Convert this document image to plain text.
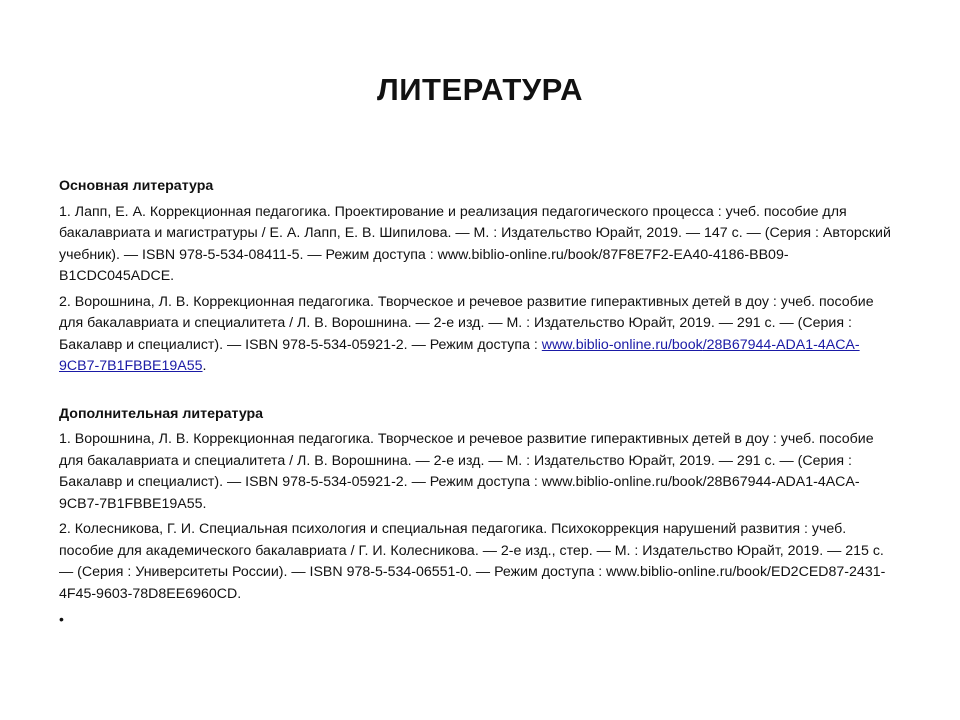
ЛИТЕРАТУРА

Основная литература

1. Лапп, Е. А. Коррекционная педагогика. Проектирование и реализация педагогического процесса : учеб. пособие для бакалавриата и магистратуры / Е. А. Лапп, Е. В. Шипилова. — М. : Издательство Юрайт, 2019. — 147 с. — (Серия : Авторский учебник). — ISBN 978-5-534-08411-5. — Режим доступа : www.biblio-online.ru/book/87F8E7F2-EA40-4186-BB09-B1CDC045ADCE.

2. Ворошнина, Л. В. Коррекционная педагогика. Творческое и речевое развитие гиперактивных детей в доу : учеб. пособие для бакалавриата и специалитета / Л. В. Ворошнина. — 2-е изд. — М. : Издательство Юрайт, 2019. — 291 с. — (Серия : Бакалавр и специалист). — ISBN 978-5-534-05921-2. — Режим доступа : www.biblio-online.ru/book/28B67944-ADA1-4ACA-9CB7-7B1FBBE19A55.

Дополнительная литература

1. Ворошнина, Л. В. Коррекционная педагогика. Творческое и речевое развитие гиперактивных детей в доу : учеб. пособие для бакалавриата и специалитета / Л. В. Ворошнина. — 2-е изд. — М. : Издательство Юрайт, 2019. — 291 с. — (Серия : Бакалавр и специалист). — ISBN 978-5-534-05921-2. — Режим доступа : www.biblio-online.ru/book/28B67944-ADA1-4ACA-9CB7-7B1FBBE19A55.

2. Колесникова, Г. И. Специальная психология и специальная педагогика. Психокоррекция нарушений развития : учеб. пособие для академического бакалавриата / Г. И. Колесникова. — 2-е изд., стер. — М. : Издательство Юрайт, 2019. — 215 с. — (Серия : Университеты России). — ISBN 978-5-534-06551-0. — Режим доступа : www.biblio-online.ru/book/ED2CED87-2431-4F45-9603-78D8EE6960CD.

•
